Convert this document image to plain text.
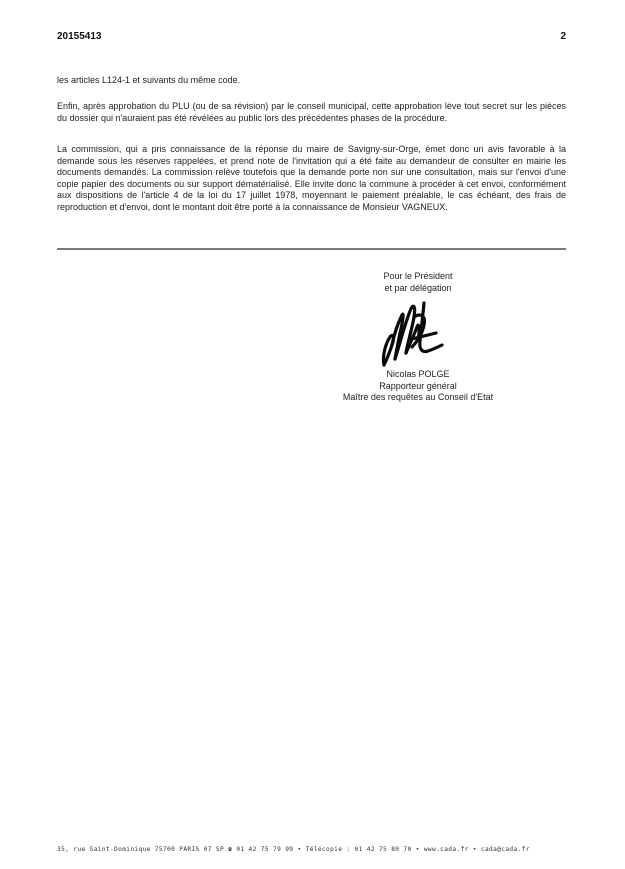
20155413	2
les articles L124-1 et suivants du même code.
Enfin, après approbation du PLU (ou de sa révision) par le conseil municipal, cette approbation lève tout secret sur les pièces du dossier qui n'auraient pas été révélées au public lors des précédentes phases de la procédure.
La commission, qui a pris connaissance de la réponse du maire de Savigny-sur-Orge, émet donc un avis favorable à la demande sous les réserves rappelées, et prend note de l'invitation qui a été faite au demandeur de consulter en mairie les documents demandés. La commission relève toutefois que la demande porte non sur une consultation, mais sur l'envoi d'une copie papier des documents ou sur support dématérialisé. Elle invite donc la commune à procéder à cet envoi, conformément aux dispositions de l'article 4 de la loi du 17 juillet 1978, moyennant le paiement préalable, le cas échéant, des frais de reproduction et d'envoi, dont le montant doit être porté à la connaissance de Monsieur VAGNEUX.
Pour le Président
et par délégation
Nicolas POLGE
Rapporteur général
Maître des requêtes au Conseil d'Etat
35, rue Saint-Dominique 75700 PARIS 07 SP ☎ 01 42 75 79 99 • Télécopie : 01 42 75 80 70 • www.cada.fr • cada@cada.fr
